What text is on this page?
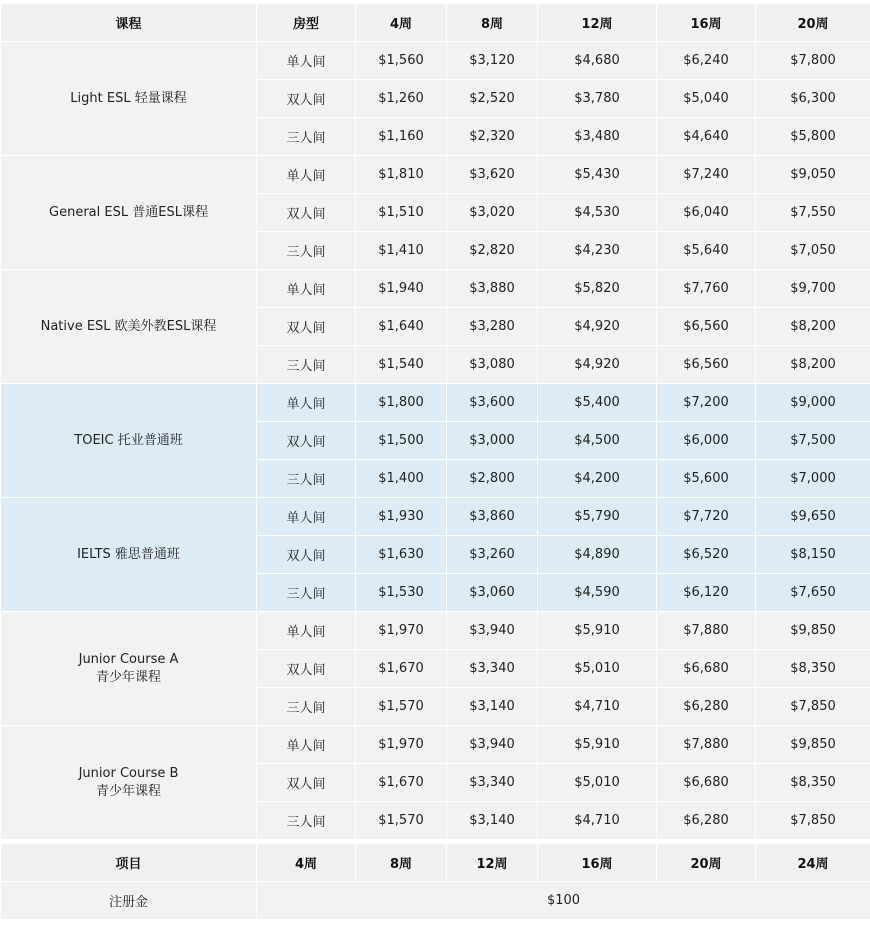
课程	房型	4周	8周	12周	16周	20周

Light ESL 轻量课程	单人间	$1,560	$3,120	$4,680	$6,240	$7,800
	双人间	$1,260	$2,520	$3,780	$5,040	$6,300
	三人间	$1,160	$2,320	$3,480	$4,640	$5,800

General ESL 普通ESL课程	单人间	$1,810	$3,620	$5,430	$7,240	$9,050
	双人间	$1,510	$3,020	$4,530	$6,040	$7,550
	三人间	$1,410	$2,820	$4,230	$5,640	$7,050

Native ESL 欧美外教ESL课程	单人间	$1,940	$3,880	$5,820	$7,760	$9,700
	双人间	$1,640	$3,280	$4,920	$6,560	$8,200
	三人间	$1,540	$3,080	$4,920	$6,560	$8,200

TOEIC 托业普通班	单人间	$1,800	$3,600	$5,400	$7,200	$9,000
	双人间	$1,500	$3,000	$4,500	$6,000	$7,500
	三人间	$1,400	$2,800	$4,200	$5,600	$7,000

IELTS 雅思普通班	单人间	$1,930	$3,860	$5,790	$7,720	$9,650
	双人间	$1,630	$3,260	$4,890	$6,520	$8,150
	三人间	$1,530	$3,060	$4,590	$6,120	$7,650

Junior Course A
青少年课程	单人间	$1,970	$3,940	$5,910	$7,880	$9,850
	双人间	$1,670	$3,340	$5,010	$6,680	$8,350
	三人间	$1,570	$3,140	$4,710	$6,280	$7,850

Junior Course B
青少年课程	单人间	$1,970	$3,940	$5,910	$7,880	$9,850
	双人间	$1,670	$3,340	$5,010	$6,680	$8,350
	三人间	$1,570	$3,140	$4,710	$6,280	$7,850
项目	4周	8周	12周	16周	20周	24周
注册金	$100					
